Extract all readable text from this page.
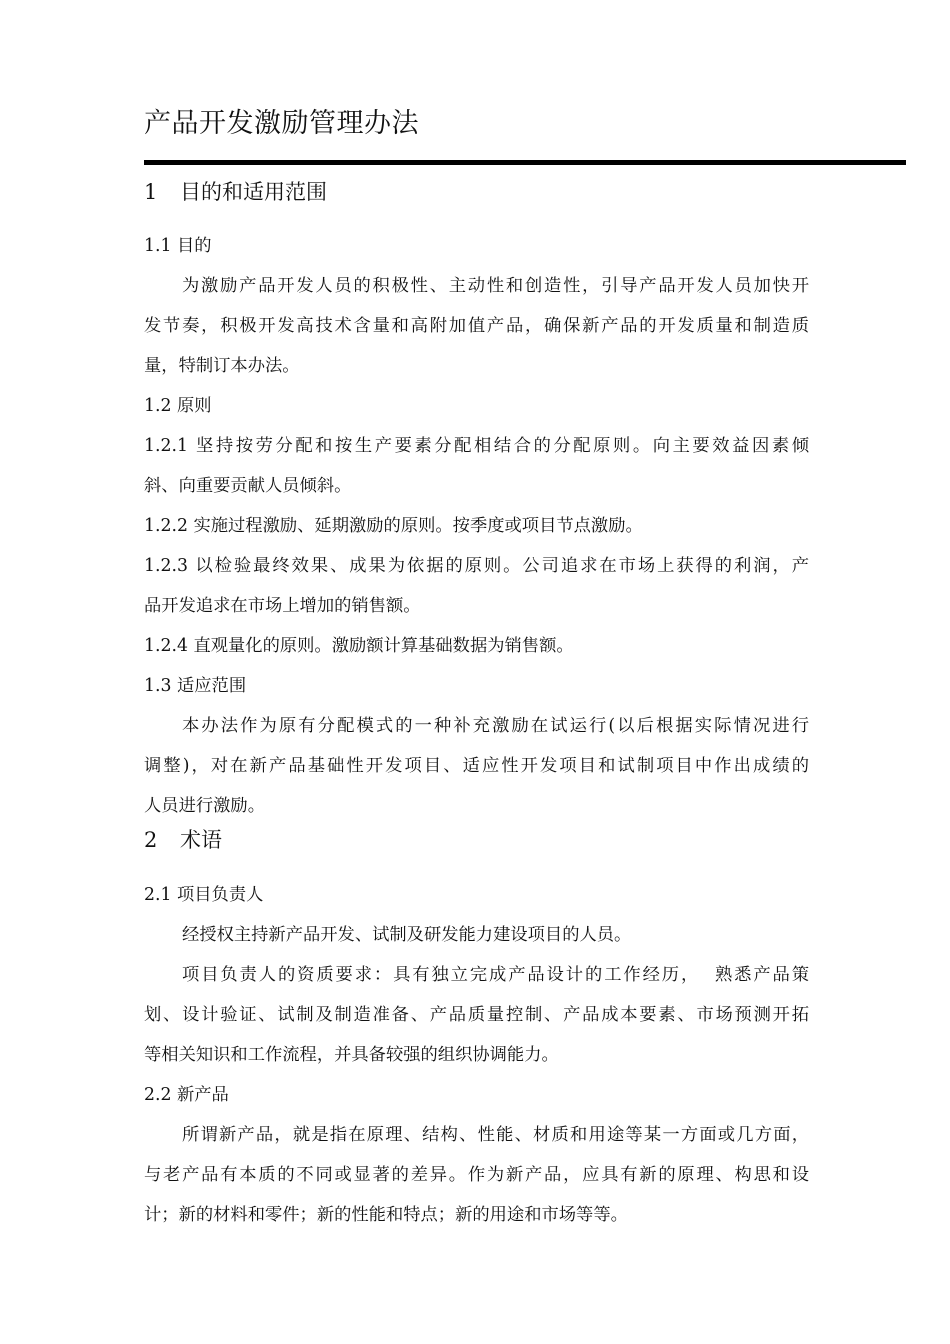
产品开发激励管理办法
1 目的和适用范围
1.1 目的
为激励产品开发人员的积极性、主动性和创造性，引导产品开发人员加快开
发节奏，积极开发高技术含量和高附加值产品，确保新产品的开发质量和制造质
量，特制订本办法。
1.2 原则
1.2.1 坚持按劳分配和按生产要素分配相结合的分配原则。向主要效益因素倾
斜、向重要贡献人员倾斜。
1.2.2 实施过程激励、延期激励的原则。按季度或项目节点激励。
1.2.3 以检验最终效果、成果为依据的原则。公司追求在市场上获得的利润，产
品开发追求在市场上增加的销售额。
1.2.4 直观量化的原则。激励额计算基础数据为销售额。
1.3 适应范围
本办法作为原有分配模式的一种补充激励在试运行(以后根据实际情况进行
调整)，对在新产品基础性开发项目、适应性开发项目和试制项目中作出成绩的
人员进行激励。
2 术语
2.1 项目负责人
经授权主持新产品开发、试制及研发能力建设项目的人员。
项目负责人的资质要求：具有独立完成产品设计的工作经历，  熟悉产品策
划、设计验证、试制及制造准备、产品质量控制、产品成本要素、市场预测开拓
等相关知识和工作流程，并具备较强的组织协调能力。
2.2 新产品
所谓新产品，就是指在原理、结构、性能、材质和用途等某一方面或几方面，
与老产品有本质的不同或显著的差异。作为新产品，应具有新的原理、构思和设
计；新的材料和零件；新的性能和特点；新的用途和市场等等。
